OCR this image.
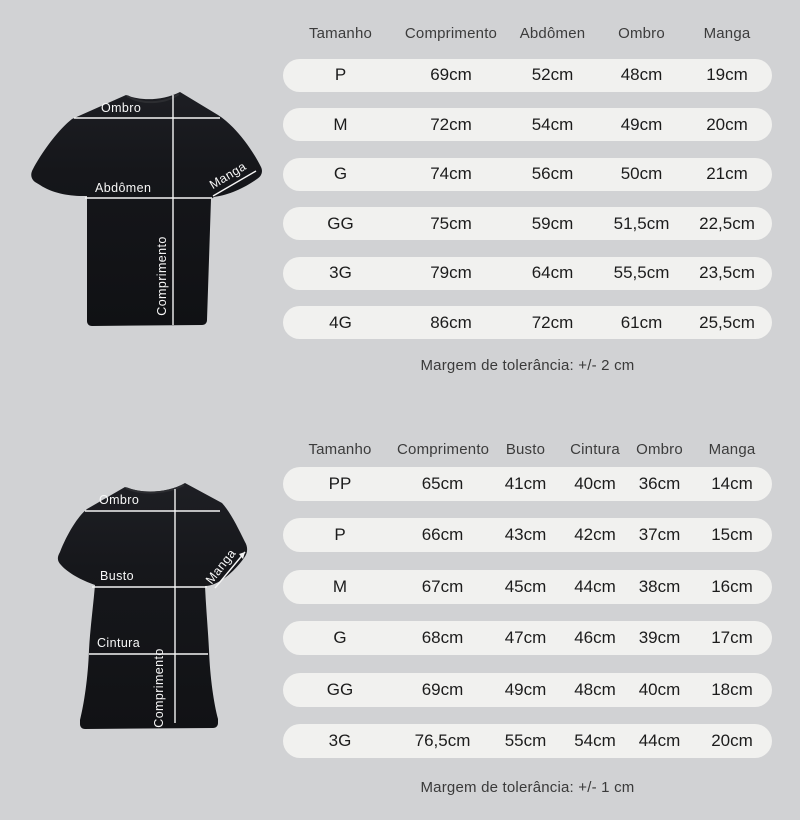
Ombro
Abdômen
Comprimento
Manga
Tamanho	Comprimento	Abdômen	Ombro	Manga
P	69cm	52cm	48cm	19cm
M	72cm	54cm	49cm	20cm
G	74cm	56cm	50cm	21cm
GG	75cm	59cm	51,5cm	22,5cm
3G	79cm	64cm	55,5cm	23,5cm
4G	86cm	72cm	61cm	25,5cm
Margem de tolerância: +/- 2 cm
Ombro
Busto
Cintura
Comprimento
Manga
Tamanho	Comprimento	Busto	Cintura	Ombro	Manga
PP	65cm	41cm	40cm	36cm	14cm
P	66cm	43cm	42cm	37cm	15cm
M	67cm	45cm	44cm	38cm	16cm
G	68cm	47cm	46cm	39cm	17cm
GG	69cm	49cm	48cm	40cm	18cm
3G	76,5cm	55cm	54cm	44cm	20cm
Margem de tolerância: +/- 1 cm
